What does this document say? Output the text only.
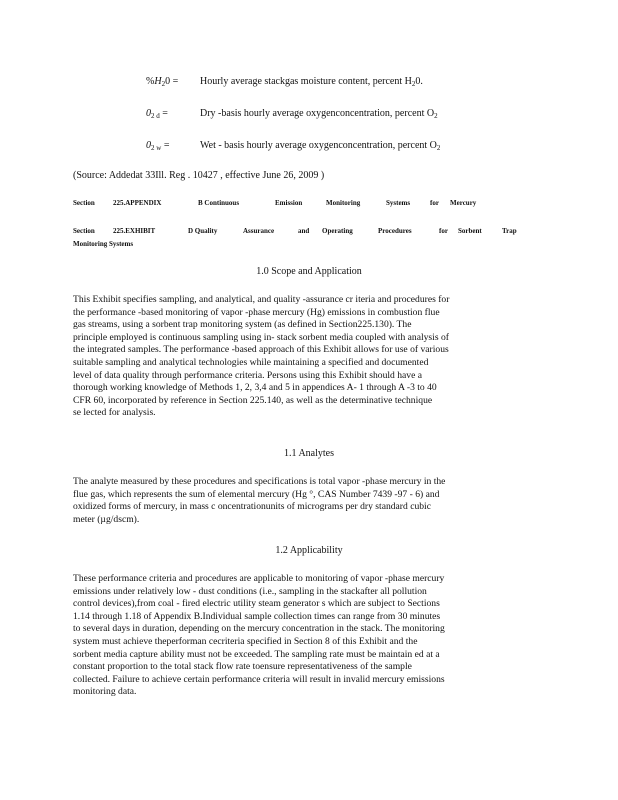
$\%H_20$ = Hourly average stackgas moisture content, percent $H_20$.
$0_{2 d}$ =	Dry -basis hourly average oxygenconcentration, percent $O_2$
$0_{2 w}$ =	Wet - basis hourly average oxygenconcentration, percent $O_2$
(Source: Addedat 33Ill. Reg . 10427 , effective June 26, 2009 )
Section	225.APPENDIX	B Continuous	Emission	Monitoring	Systems	for Mercury
Section	225.EXHIBIT	D Quality	Assurance	and Operating	Procedures	for Sorbent	Trap
Monitoring Systems
1.0 Scope and Application
This Exhibit specifies sampling, and analytical, and quality -assurance cr iteria and procedures for
the performance -based monitoring of vapor -phase mercury (Hg) emissions in combustion flue
gas streams, using a sorbent trap monitoring system (as defined in Section225.130). The
principle employed is continuous sampling using in- stack sorbent media coupled with analysis of
the integrated samples. The performance -based approach of this Exhibit allows for use of various
suitable sampling and analytical technologies while maintaining a specified and documented
level of data quality through performance criteria. Persons using this Exhibit should have a
thorough working knowledge of Methods 1, 2, 3,4 and 5 in appendices A- 1 through A -3 to 40
CFR 60, incorporated by reference in Section 225.140, as well as the determinative technique
se lected for analysis.
1.1 Analytes
The analyte measured by these procedures and specifications is total vapor -phase mercury in the
flue gas, which represents the sum of elemental mercury (Hg °, CAS Number 7439 -97 - 6) and
oxidized forms of mercury, in mass c oncentrationunits of micrograms per dry standard cubic
meter (µg/dscm).
1.2 Applicability
These performance criteria and procedures are applicable to monitoring of vapor -phase mercury
emissions under relatively low - dust conditions (i.e., sampling in the stackafter all pollution
control devices),from coal - fired electric utility steam generator s which are subject to Sections
1.14 through 1.18 of Appendix B.Individual sample collection times can range from 30 minutes
to several days in duration, depending on the mercury concentration in the stack. The monitoring
system must achieve theperforman cecriteria specified in Section 8 of this Exhibit and the
sorbent media capture ability must not be exceeded. The sampling rate must be maintain ed at a
constant proportion to the total stack flow rate toensure representativeness of the sample
collected. Failure to achieve certain performance criteria will result in invalid mercury emissions
monitoring data.
